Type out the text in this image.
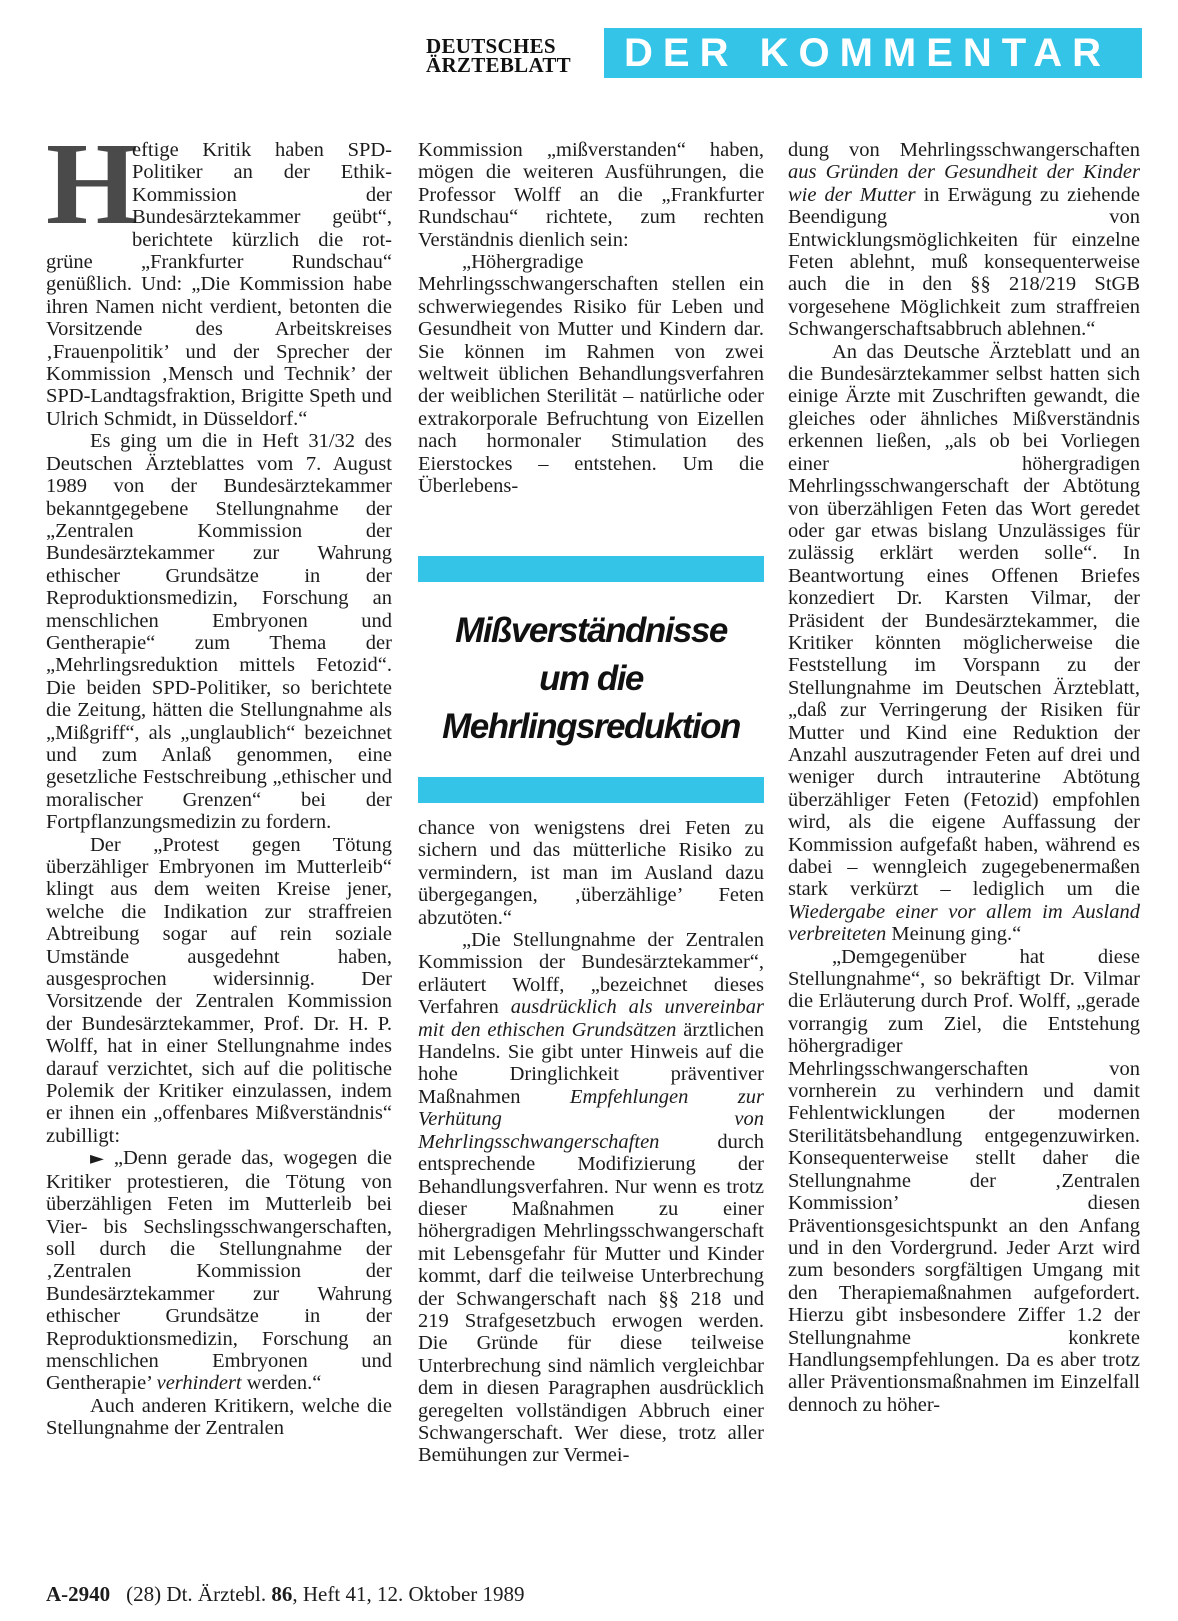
DEUTSCHES
ÄRZTEBLATT	DER KOMMENTAR

H
eftige Kritik haben SPD-Politiker an der Ethik-Kommission der Bundesärztekammer geübt“, berichtete kürzlich die rot-grüne „Frankfurter Rundschau“ genüßlich. Und: „Die Kommission habe ihren Namen nicht verdient, betonten die Vorsitzende des Arbeitskreises ‚Frauenpolitik’ und der Sprecher der Kommission ‚Mensch und Technik’ der SPD-Landtagsfraktion, Brigitte Speth und Ulrich Schmidt, in Düsseldorf.“

Es ging um die in Heft 31/32 des Deutschen Ärzteblattes vom 7. August 1989 von der Bundesärztekammer bekanntgegebene Stellungnahme der „Zentralen Kommission der Bundesärztekammer zur Wahrung ethischer Grundsätze in der Reproduktionsmedizin, Forschung an menschlichen Embryonen und Gentherapie“ zum Thema der „Mehrlingsreduktion mittels Fetozid“. Die beiden SPD-Politiker, so berichtete die Zeitung, hätten die Stellungnahme als „Mißgriff“, als „unglaublich“ bezeichnet und zum Anlaß genommen, eine gesetzliche Festschreibung „ethischer und moralischer Grenzen“ bei der Fortpflanzungsmedizin zu fordern.

Der „Protest gegen Tötung überzähliger Embryonen im Mutterleib“ klingt aus dem weiten Kreise jener, welche die Indikation zur straffreien Abtreibung sogar auf rein soziale Umstände ausgedehnt haben, ausgesprochen widersinnig. Der Vorsitzende der Zentralen Kommission der Bundesärztekammer, Prof. Dr. H. P. Wolff, hat in einer Stellungnahme indes darauf verzichtet, sich auf die politische Polemik der Kritiker einzulassen, indem er ihnen ein „offenbares Mißverständnis“ zubilligt:

► „Denn gerade das, wogegen die Kritiker protestieren, die Tötung von überzähligen Feten im Mutterleib bei Vier- bis Sechslingsschwangerschaften, soll durch die Stellungnahme der ‚Zentralen Kommission der Bundesärztekammer zur Wahrung ethischer Grundsätze in der Reproduktionsmedizin, Forschung an menschlichen Embryonen und Gentherapie’ verhindert werden.“

Auch anderen Kritikern, welche die Stellungnahme der Zentralen

Kommission „mißverstanden“ haben, mögen die weiteren Ausführungen, die Professor Wolff an die „Frankfurter Rundschau“ richtete, zum rechten Verständnis dienlich sein:

„Höhergradige Mehrlingsschwangerschaften stellen ein schwerwiegendes Risiko für Leben und Gesundheit von Mutter und Kindern dar. Sie können im Rahmen von zwei weltweit üblichen Behandlungsverfahren der weiblichen Sterilität – natürliche oder extrakorporale Befruchtung von Eizellen nach hormonaler Stimulation des Eierstockes – entstehen. Um die Überlebens-

Mißverständnisse
um die
Mehrlingsreduktion

chance von wenigstens drei Feten zu sichern und das mütterliche Risiko zu vermindern, ist man im Ausland dazu übergegangen, ‚überzählige’ Feten abzutöten.“

„Die Stellungnahme der Zentralen Kommission der Bundesärztekammer“, erläutert Wolff, „bezeichnet dieses Verfahren ausdrücklich als unvereinbar mit den ethischen Grundsätzen ärztlichen Handelns. Sie gibt unter Hinweis auf die hohe Dringlichkeit präventiver Maßnahmen Empfehlungen zur Verhütung von Mehrlingsschwangerschaften durch entsprechende Modifizierung der Behandlungsverfahren. Nur wenn es trotz dieser Maßnahmen zu einer höhergradigen Mehrlingsschwangerschaft mit Lebensgefahr für Mutter und Kinder kommt, darf die teilweise Unterbrechung der Schwangerschaft nach §§ 218 und 219 Strafgesetzbuch erwogen werden. Die Gründe für diese teilweise Unterbrechung sind nämlich vergleichbar dem in diesen Paragraphen ausdrücklich geregelten vollständigen Abbruch einer Schwangerschaft. Wer diese, trotz aller Bemühungen zur Vermei-

dung von Mehrlingsschwangerschaften aus Gründen der Gesundheit der Kinder wie der Mutter in Erwägung zu ziehende Beendigung von Entwicklungsmöglichkeiten für einzelne Feten ablehnt, muß konsequenterweise auch die in den §§ 218/219 StGB vorgesehene Möglichkeit zum straffreien Schwangerschaftsabbruch ablehnen.“

An das Deutsche Ärzteblatt und an die Bundesärztekammer selbst hatten sich einige Ärzte mit Zuschriften gewandt, die gleiches oder ähnliches Mißverständnis erkennen ließen, „als ob bei Vorliegen einer höhergradigen Mehrlingsschwangerschaft der Abtötung von überzähligen Feten das Wort geredet oder gar etwas bislang Unzulässiges für zulässig erklärt werden solle“. In Beantwortung eines Offenen Briefes konzediert Dr. Karsten Vilmar, der Präsident der Bundesärztekammer, die Kritiker könnten möglicherweise die Feststellung im Vorspann zu der Stellungnahme im Deutschen Ärzteblatt, „daß zur Verringerung der Risiken für Mutter und Kind eine Reduktion der Anzahl auszutragender Feten auf drei und weniger durch intrauterine Abtötung überzähliger Feten (Fetozid) empfohlen wird, als die eigene Auffassung der Kommission aufgefaßt haben, während es dabei – wenngleich zugegebenermaßen stark verkürzt – lediglich um die Wiedergabe einer vor allem im Ausland verbreiteten Meinung ging.“

„Demgegenüber hat diese Stellungnahme“, so bekräftigt Dr. Vilmar die Erläuterung durch Prof. Wolff, „gerade vorrangig zum Ziel, die Entstehung höhergradiger Mehrlingsschwangerschaften von vornherein zu verhindern und damit Fehlentwicklungen der modernen Sterilitätsbehandlung entgegenzuwirken. Konsequenterweise stellt daher die Stellungnahme der ‚Zentralen Kommission’ diesen Präventionsgesichtspunkt an den Anfang und in den Vordergrund. Jeder Arzt wird zum besonders sorgfältigen Umgang mit den Therapiemaßnahmen aufgefordert. Hierzu gibt insbesondere Ziffer 1.2 der Stellungnahme konkrete Handlungsempfehlungen. Da es aber trotz aller Präventionsmaßnahmen im Einzelfall dennoch zu höher-

A-2940 (28) Dt. Ärztebl. 86, Heft 41, 12. Oktober 1989
